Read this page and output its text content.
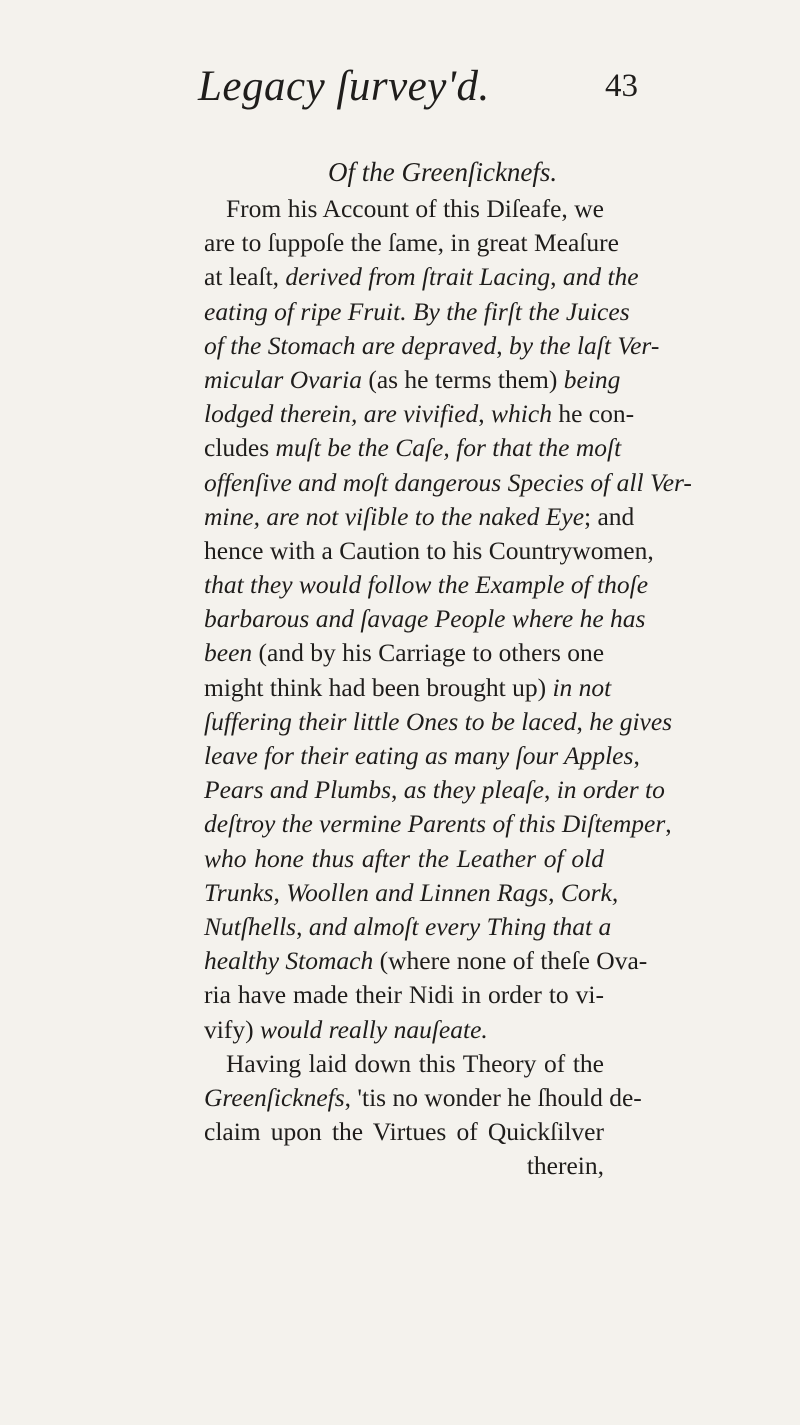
Legacy ſurvey'd.	43
Of the Greenſicknefs.
From his Account of this Diſeafe, we
are to ſuppoſe the ſame, in great Meaſure
at leaſt, derived from ſtrait Lacing, and the
eating of ripe Fruit. By the firſt the Juices
of the Stomach are depraved, by the laſt Ver-
micular Ovaria (as he terms them) being
lodged therein, are vivified, which he con-
cludes muſt be the Caſe, for that the moſt
offenſive and moſt dangerous Species of all Ver-
mine, are not viſible to the naked Eye; and
hence with a Caution to his Countrywomen,
that they would follow the Example of thoſe
barbarous and ſavage People where he has
been (and by his Carriage to others one
might think had been brought up) in not
ſuffering their little Ones to be laced, he gives
leave for their eating as many ſour Apples,
Pears and Plumbs, as they pleaſe, in order to
deſtroy the vermine Parents of this Diſtemper,
who hone thus after the Leather of old
Trunks, Woollen and Linnen Rags, Cork,
Nutſhells, and almoſt every Thing that a
healthy Stomach (where none of theſe Ova-
ria have made their Nidi in order to vi-
vify) would really nauſeate.
Having laid down this Theory of the
Greenſicknefs, 'tis no wonder he ſhould de-
claim upon the Virtues of Quickſilver
therein,
